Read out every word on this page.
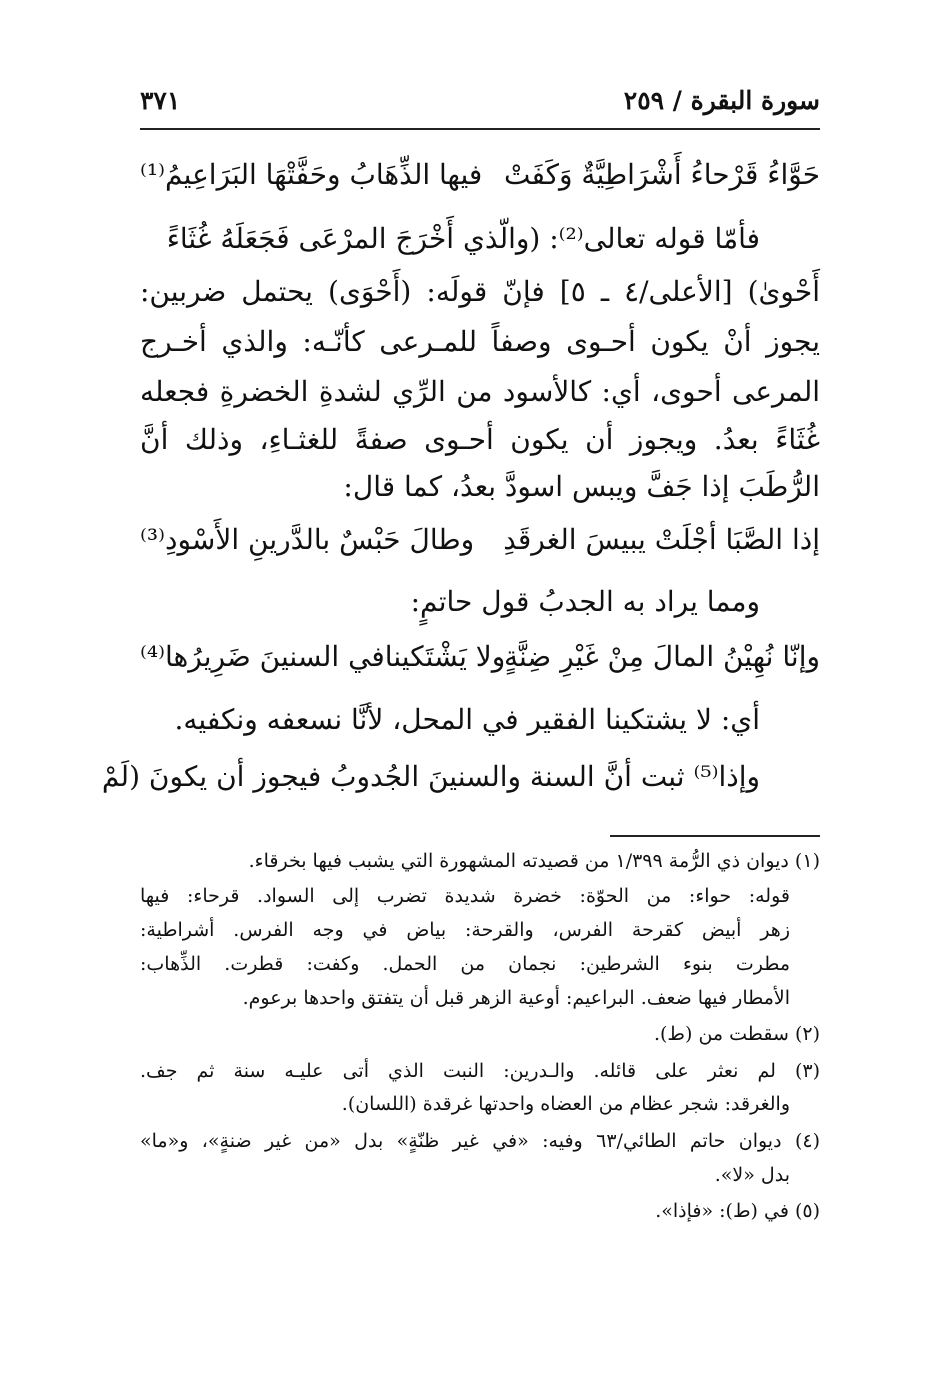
٣٧١	سورة البقرة / ٢٥٩
حَوَّاءُ قَرْحاءُ أَشْرَاطِيَّةٌ وَكَفَتْ
فيها الذِّهَابُ وحَفَّتْهَا البَرَاعِيمُ⁽¹⁾
فأمّا قوله تعالى⁽²⁾: (والّذي أَخْرَجَ المرْعَى فَجَعَلَهُ غُثَاءً
أَحْوىٰ) [الأعلى/٤ ـ ٥] فإنّ قولَه: (أَحْوَى) يحتمل ضربين:
يجوز أنْ يكون أحـوى وصفاً للمـرعى كأنّـه: والذي أخـرج
المرعى أحوى، أي: كالأسود من الرِّي لشدةِ الخضرةِ فجعله
غُثَاءً بعدُ. ويجوز أن يكون أحـوى صفةً للغثـاءِ، وذلك أنَّ
الرُّطَبَ إذا جَفَّ ويبس اسودَّ بعدُ، كما قال:
إذا الصَّبَا أجْلَتْ يبيسَ الغرقَدِ
وطالَ حَبْسٌ بالدَّرينِ الأَسْودِ⁽³⁾
ومما يراد به الجدبُ قول حاتمٍ:
وإنّا نُهِيْنُ المالَ مِنْ غَيْرِ ضِنَّةٍ
ولا يَشْتَكينافي السنينَ ضَرِيرُها⁽⁴⁾
أي: لا يشتكينا الفقير في المحل، لأنَّا نسعفه ونكفيه.
وإذا⁽⁵⁾ ثبت أنَّ السنة والسنينَ الجُدوبُ فيجوز أن يكونَ (لَمْ
(١) ديوان ذي الرُّمة ١/٣٩٩ من قصيدته المشهورة التي يشبب فيها بخرقاء.
قوله: حواء: من الحوّة: خضرة شديدة تضرب إلى السواد. قرحاء: فيها
زهر أبيض كقرحة الفرس، والقرحة: بياض في وجه الفرس. أشراطية:
مطرت بنوء الشرطين: نجمان من الحمل. وكفت: قطرت. الذِّهاب:
الأمطار فيها ضعف. البراعيم: أوعية الزهر قبل أن يتفتق واحدها برعوم.
(٢) سقطت من (ط).
(٣) لم نعثر على قائله. والـدرين: النبت الذي أتى عليـه سنة ثم جف.
والغرقد: شجر عظام من العضاه واحدتها غرقدة (اللسان).
(٤) ديوان حاتم الطائي/٦٣ وفيه: «في غير ظنّةٍ» بدل «من غير ضنةٍ»، و«ما»
بدل «لا».
(٥) في (ط): «فإذا».
